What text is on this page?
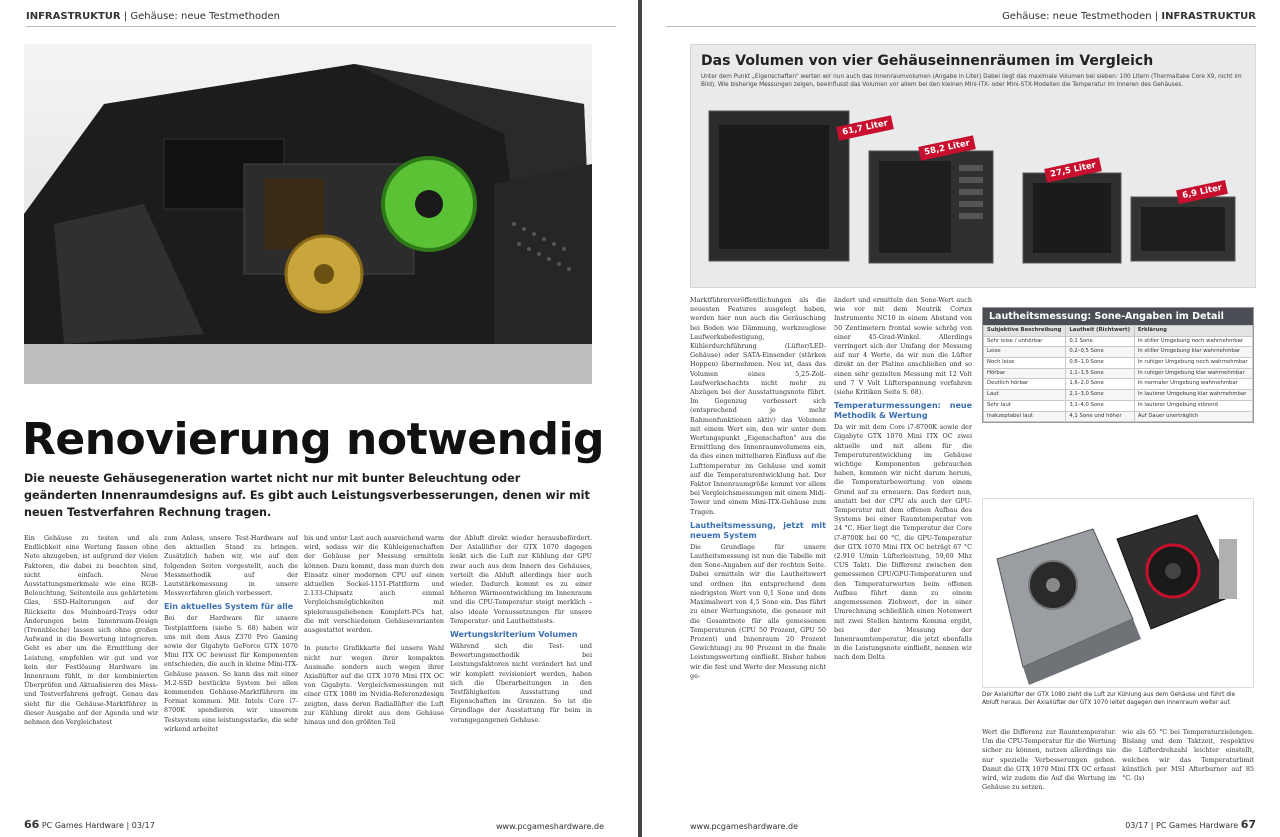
INFRASTRUKTUR | Gehäuse: neue Testmethoden
Renovierung notwendig

Die neueste Gehäusegeneration wartet nicht nur mit bunter Beleuchtung oder geänderten Innenraumdesigns auf. Es gibt auch Leistungsverbesserungen, denen wir mit neuen Testverfahren Rechnung tragen.

Ein Gehäuse zu testen und als Endlichkeit eine Wertung fassen ohne Note abzugeben, ist aufgrund der vielen Faktoren, die dabei zu beachten sind, nicht einfach. Neue Ausstattungsmerkmale wie eine RGB-Beleuchtung, Seitenteile aus gehärtetem Glas, SSD-Halterungen auf der Rückseite des Mainboard-Trays oder Änderungen beim Innenraum-Design (Trennbleche) lassen sich ohne großen Aufwand in die Bewertung integrieren. Geht es aber um die Ermittlung der Leistung, empfehlen wir gut und vor kein der Festlösung Hardware im Innenraum fühlt, in der kombinierten Überprüfen und Aktualisieren des Mess- und Testverfahrens gefragt. Genau das sieht für die Gehäuse-Marktführer in dieser Ausgabe auf der Agenda und wir nehmen den Vergleichstest
zum Anlass, unsere Test-Hardware auf den aktuellen Stand zu bringen. Zusätzlich haben wir, wie auf den folgenden Seiten vorgestellt, auch die Messmethodik auf der Lautstärkemessung in unsere Messverfahren gleich verbessert.
Ein aktuelles System für alle
Bei der Hardware für unsere Testplattform (siehe S. 68) haben wir uns mit dem Asus Z370 Pro Gaming sowie der Gigabyte GeForce GTX 1070 Mini ITX OC bewusst für Komponenten entschieden, die auch in kleine Mini-ITX-Gehäuse passen. So kann das mit einer M.2-SSD bestückte System bei allen kommenden Gehäuse-Marktführern im Format kommen. Mit Intels Core i7-8700K spendieren wir unserem Testsystem eine leistungsstarke, die sehr wirkend arbeitet
bis und unter Last auch ausreichend warm wird, sodass wir die Kühleigenschaften der Gehäuse per Messung ermitteln können. Dazu kommt, dass man durch den Einsatz einer modernen CPU auf einen aktuellen Sockel-1151-Plattform und 2.133-Chipsatz auch einmal Vergleichsmöglichkeiten mit spielerausgeliehenen Komplett-PCs hat, die mit verschiedenen Gehäusevarianten ausgestattet werden.

In puncto Grafikkarte fiel unsere Wahl nicht nur wegen ihrer kompakten Ausmaße sondern auch wegen ihrer Axiallüfter auf die GTX 1070 Mini ITX OC von Gigabyte. Vergleichsmessungen mit einer GTX 1080 im Nvidia-Referenzdesign zeigten, dass deren Radiallüfter die Luft zur Kühlung direkt aus dem Gehäuse hinaus und den größten Teil
der Abluft direkt wieder herausbefördert. Der Axiallüfter der GTX 1070 dagegen lenkt sich die Luft zur Kühlung der GPU zwar auch aus dem Innern des Gehäuses, verteilt die Abluft allerdings hier auch wieder. Dadurch kommt es zu einer höheren Wärmeentwicklung im Innenraum und die CPU-Temperatur steigt merklich – also ideale Voraussetzungen für unsere Temperatur- und Lautheitstests.
Wertungskriterium Volumen
Während sich die Test- und Bewertungsmethodik bei Leistungsfaktoren nicht verändert hat und wir komplett revisioniert werden, haben sich die Überarbeitungen in den Testfähigkeiten Ausstattung und Eigenschaften im Grenzen. So ist die Grundlage der Ausstattung für beim in vorangegangenen Gehäuse.
66 PC Games Hardware | 03/17	www.pcgameshardware.de
Gehäuse: neue Testmethoden | INFRASTRUKTUR
Das Volumen von vier Gehäuseinnenräumen im Vergleich

Unter dem Punkt „Eigenschaften" werten wir nun auch das Innenraumvolumen (Angabe in Liter) Dabei liegt das maximale Volumen bei sieben: 100 Litern (Thermaltake Core X9, nicht im Bild). Wie bisherige Messungen zeigen, beeinflusst das Volumen vor allem bei den kleinen Mini-ITX- oder Mini-STX-Modellen die Temperatur im Inneren des Gehäuses.

61,7 Liter
58,2 Liter
27,5 Liter
6,9 Liter
Marktführerveröffentlichungen als die neuesten Features ausgelegt haben, werden hier nun auch die Geräuschung bei Boden wie Dämmung, werkzeuglose Laufwerksbefestigung, Kühlerdurchführung (Lüfter/LED-Gehäuse) oder SATA-Einsender (stärken Hoppen) übernehmen. Neu ist, dass das Volumen eines 5,25-Zoll-Laufwerkschachts nicht mehr zu Abzügen bei der Ausstattungsnote führt. Im Gegenzug verbessert sich (entsprechend je mehr Rahmenfunktionen aktiv) das Volumen mit einem Wert ein, den wir unter dem Wertungspunkt „Eigenschaften" aus die Ermittlung des Innenraumvolumens ein, da dies einen mittelbaren Einfluss auf die Lufttemperatur im Gehäuse und somit auf die Temperaturentwicklung hat. Der Faktor Innenraumgröße kommt vor allem bei Vergleichsmessungen mit einem Midi-Tower und einem Mini-ITX-Gehäuse zum Tragen.
Lautheitsmessung, jetzt mit neuem System
Die Grundlage für unsere Lautheitsmessung ist nun die Tabelle mit den Sone-Angaben auf der rechten Seite. Dabei ermitteln wir die Lautheitswert und ordnen ihn entsprechend dem niedrigsten Wert von 0,1 Sone und dem Maximalwert von 4,5 Sone ein. Das führt zu einer Wertungsnote, die genauer mit die Gesamtnote für alle gemessenen Temperaturen (CPU 50 Prozent, GPU 50 Prozent) und Innenraum 20 Prozent Gewichtung) zu 90 Prozent in die finale Leistungswertung einfließt. Bisher haben wir die fest und Werte der Messung nicht ge-
ändert und ermitteln den Sone-Wert auch wie vor mit dem Neutrik Cortex Instrumente NC10 in einem Abstand von 50 Zentimetern frontal sowie schräg von einer 45-Grad-Winkel. Allerdings verringert sich der Umfang der Messung auf nur 4 Werte, da wir nun die Lüfter direkt an der Platine anschließen und so einen sehr gezielten Messung mit 12 Volt und 7 V Volt Lüfterspannung vorfahren (siehe Kritiken Seite S. 68).
Temperaturmessungen: neue Methodik & Wertung
Da wir mit dem Core i7-8700K sowie der Gigabyte GTX 1070 Mini ITX OC zwei aktuelle und mit allem für die Temperaturentwicklung im Gehäuse wichtige Komponenten gebrauchen haben, kommen wir nicht darum herum, die Temperaturbewertung von einem Grund auf zu erneuern. Das fordert nun, anstatt bei der CPU als auch der GPU-Temperatur mit dem offenen Aufbau des Systems bei einer Raumtemperatur von 24 °C. Hier liegt die Temperatur der Core i7-8700K bei 60 °C, die GPU-Temperatur der GTX 1070 Mini ITX OC beträgt 67 °C (2.910 U/min Lüfterleistung, 59,69 Mhz CUS Takt). Die Differenz zwischen den gemessenen CPU/GPU-Temperaturen und den Temperaturwerten beim offenen Aufbau führt dann zu einem angemessenen Ziehwert, der in einer Umrechnung schließlich einen Notenwert mit zwei Stellen hinterm Komma ergibt, bei der Messung der Innenraumtemperatur, die jetzt ebenfalls in die Leistungsnote einfließt, nennen wir nach dem Delta
Lautheitsmessung: Sone-Angaben im Detail
Subjektive Beschreibung	Lautheit (Richtwert)	Erklärung
Sehr leise / unhörbar	0,1 Sone	In stiller Umgebung noch wahrnehmbar
Leise	0,2–0,5 Sone	In stiller Umgebung klar wahrnehmbar
Noch leise	0,6–1,0 Sone	In ruhiger Umgebung noch wahrnehmbar
Hörbar	1,1–1,5 Sone	In ruhiger Umgebung klar wahrnehmbar
Deutlich hörbar	1,6–2,0 Sone	In normaler Umgebung wahrnehmbar
Laut	2,1–3,0 Sone	In lauterer Umgebung klar wahrnehmbar
Sehr laut	3,1–4,0 Sone	In lauterer Umgebung störend
Inakzeptabel laut	4,1 Sone und höher	Auf Dauer unerträglich

Der Axiallüfter der GTX 1080 zieht die Luft zur Kühlung aus dem Gehäuse und führt die Abluft heraus. Der Axiallüfter der GTX 1070 leitet dagegen den Innenraum weiter auf.

Wert die Differenz zur Raumtemperatur. Um die CPU-Temperatur für die Wertung sicher zu können, nutzen allerdings nie nur spezielle Verbesserungen geben. Damit die GTX 1070 Mini ITX OC erfasst wird, wir zudem die Auf die Wertung im Gehäuse zu setzen.
wie als 65 °C bei Temperaturzielengen. Bislang und dem Taktzeit, respektive die Lüfterdrehzahl leichter einstellt, welchen wir das Temperaturlimit künstlich per MSI Afterburner auf 85 °C. (ls)
www.pcgameshardware.de	03/17 | PC Games Hardware 67
